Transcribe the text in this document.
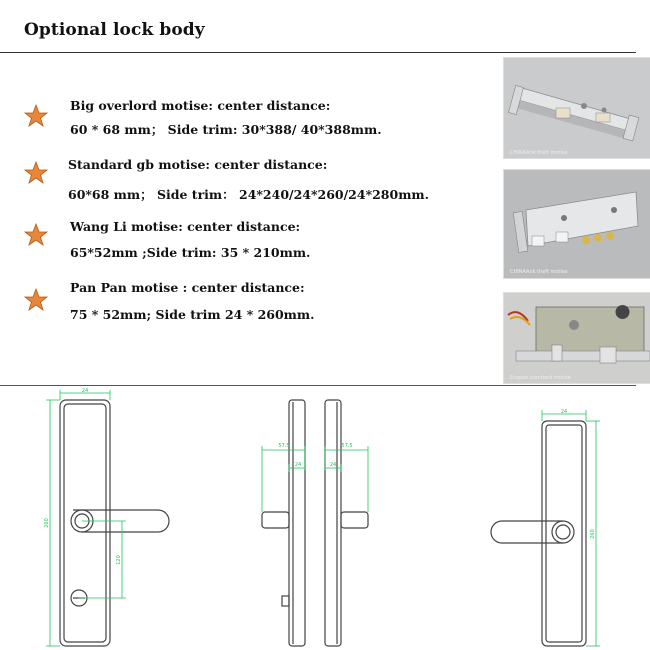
Optional lock body
Big overlord motise: center distance:
60 * 68 mm； Side trim: 30*388/ 40*388mm.
Standard gb motise: center distance:
60*68 mm； Side trim： 24*240/24*260/24*280mm.
Wang Li motise: center distance:
65*52mm ;Side trim: 35 * 210mm.
Pan Pan motise : center distance:
75 * 52mm; Side trim 24 * 260mm.
CHINAAnk theft motise
CHINAAnk theft motise
Ecopan standard motise
24
260
120
57.5
24
57.5
24
24
260
